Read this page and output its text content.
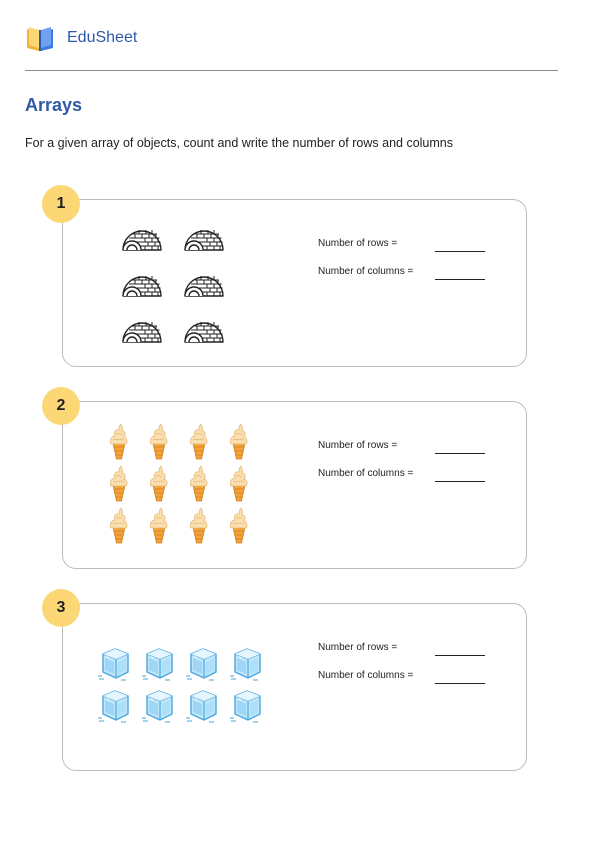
EduSheet
Arrays
For a given array of objects, count and write the number of rows and columns
Number of rows =
Number of columns =
1
Number of rows =
Number of columns =
2
Number of rows =
Number of columns =
3
